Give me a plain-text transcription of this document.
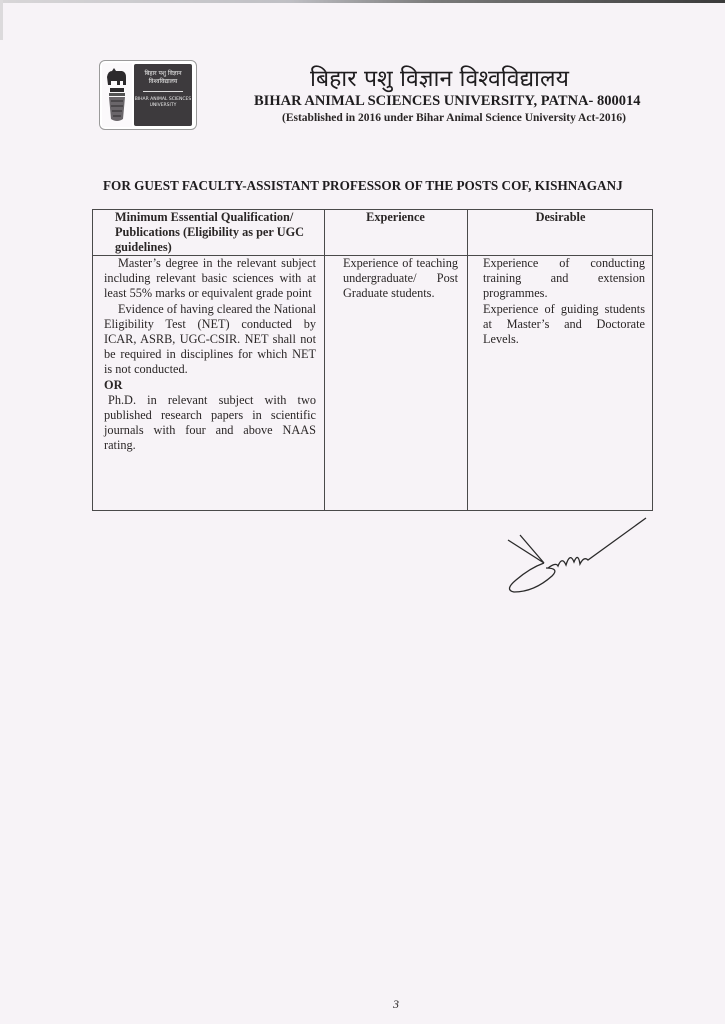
बिहार पशु विज्ञान विश्वविद्यालय
BIHAR ANIMAL SCIENCES UNIVERSITY
बिहार पशु विज्ञान विश्वविद्यालय
BIHAR ANIMAL SCIENCES UNIVERSITY, PATNA- 800014
(Established in 2016 under Bihar Animal Science University Act-2016)
FOR GUEST FACULTY-ASSISTANT PROFESSOR OF THE POSTS COF, KISHNAGANJ
Minimum Essential Qualification/ Publications (Eligibility as per UGC guidelines)
Experience	Desirable

Master’s degree in the relevant subject including relevant basic sciences with at least 55% marks or equivalent grade point

Evidence of having cleared the National Eligibility Test (NET) conducted by ICAR, ASRB, UGC-CSIR. NET shall not be required in disciplines for which NET is not conducted.

OR

Ph.D. in relevant subject with two published research papers in scientific journals with four and above NAAS rating.

Experience of teaching undergraduate/ Post Graduate students.

Experience of conducting training and extension programmes.

Experience of guiding students at Master’s and Doctorate Levels.

3
